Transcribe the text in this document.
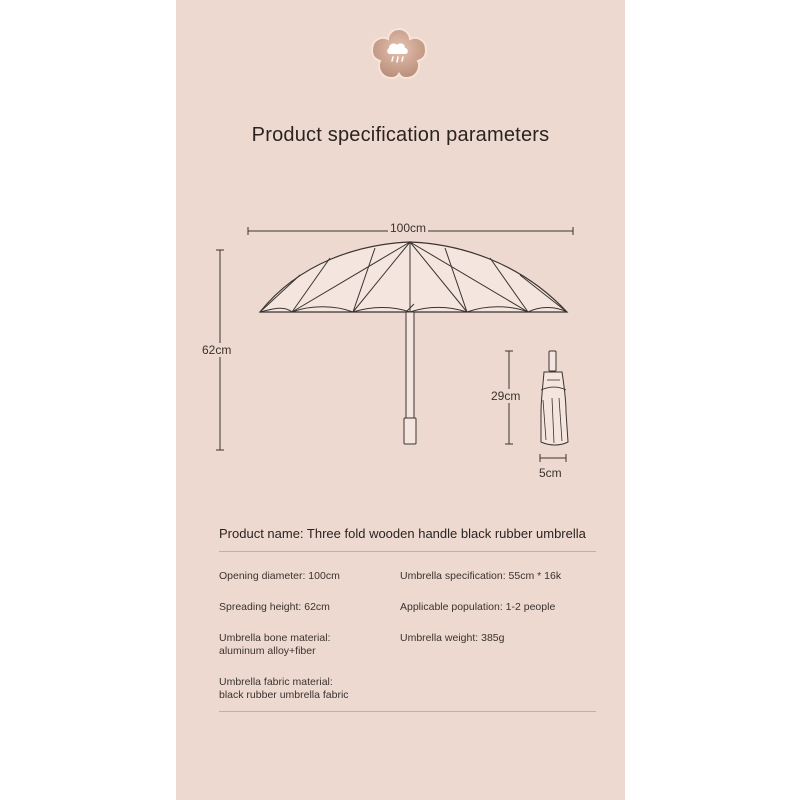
Product specification parameters
100cm
62cm
29cm
5cm
Product name: Three fold wooden handle black rubber umbrella
Opening diameter: 100cm	Umbrella specification: 55cm * 16k
Spreading height: 62cm	Applicable population: 1-2 people
Umbrella bone material:
aluminum alloy+fiber
Umbrella weight: 385g
Umbrella fabric material:
black rubber umbrella fabric
